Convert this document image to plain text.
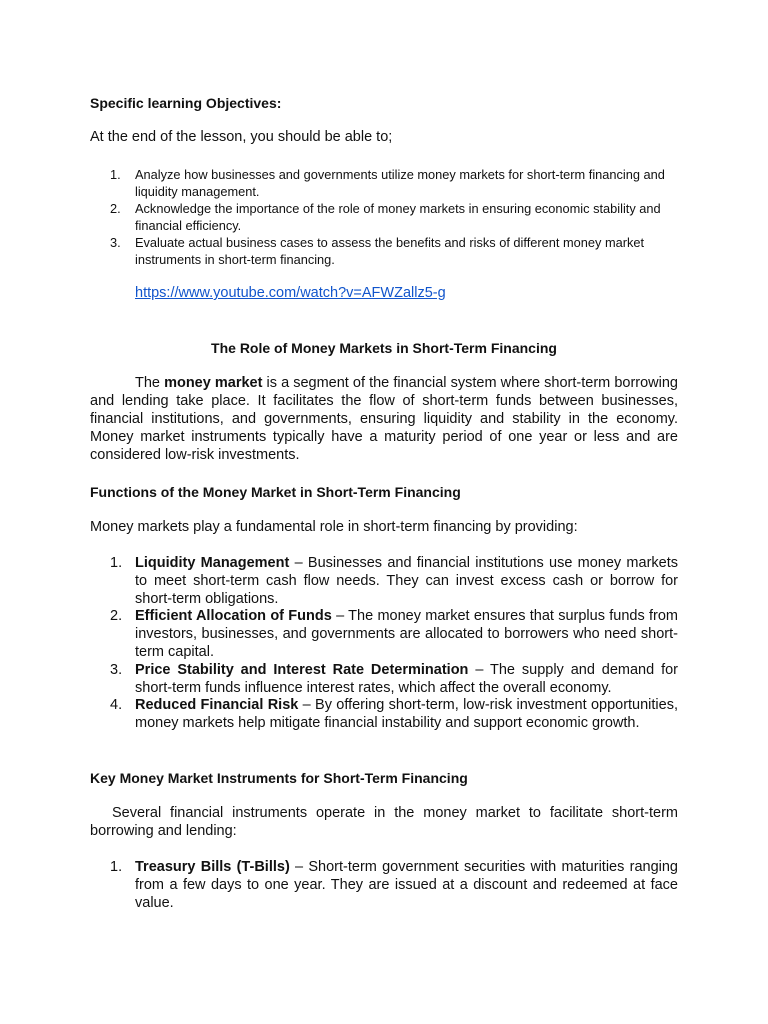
Specific learning Objectives:
At the end of the lesson, you should be able to;
1. Analyze how businesses and governments utilize money markets for short-term financing and liquidity management.
2. Acknowledge the importance of the role of money markets in ensuring economic stability and financial efficiency.
3. Evaluate actual business cases to assess the benefits and risks of different money market instruments in short-term financing.
https://www.youtube.com/watch?v=AFWZallz5-g
The Role of Money Markets in Short-Term Financing

The money market is a segment of the financial system where short-term borrowing and lending take place. It facilitates the flow of short-term funds between businesses, financial institutions, and governments, ensuring liquidity and stability in the economy. Money market instruments typically have a maturity period of one year or less and are considered low-risk investments.

Functions of the Money Market in Short-Term Financing
Money markets play a fundamental role in short-term financing by providing:
1. Liquidity Management – Businesses and financial institutions use money markets to meet short-term cash flow needs. They can invest excess cash or borrow for short-term obligations.
2. Efficient Allocation of Funds – The money market ensures that surplus funds from investors, businesses, and governments are allocated to borrowers who need short-term capital.
3. Price Stability and Interest Rate Determination – The supply and demand for short-term funds influence interest rates, which affect the overall economy.
4. Reduced Financial Risk – By offering short-term, low-risk investment opportunities, money markets help mitigate financial instability and support economic growth.
Key Money Market Instruments for Short-Term Financing

Several financial instruments operate in the money market to facilitate short-term borrowing and lending:

1. Treasury Bills (T-Bills) – Short-term government securities with maturities ranging from a few days to one year. They are issued at a discount and redeemed at face value.
